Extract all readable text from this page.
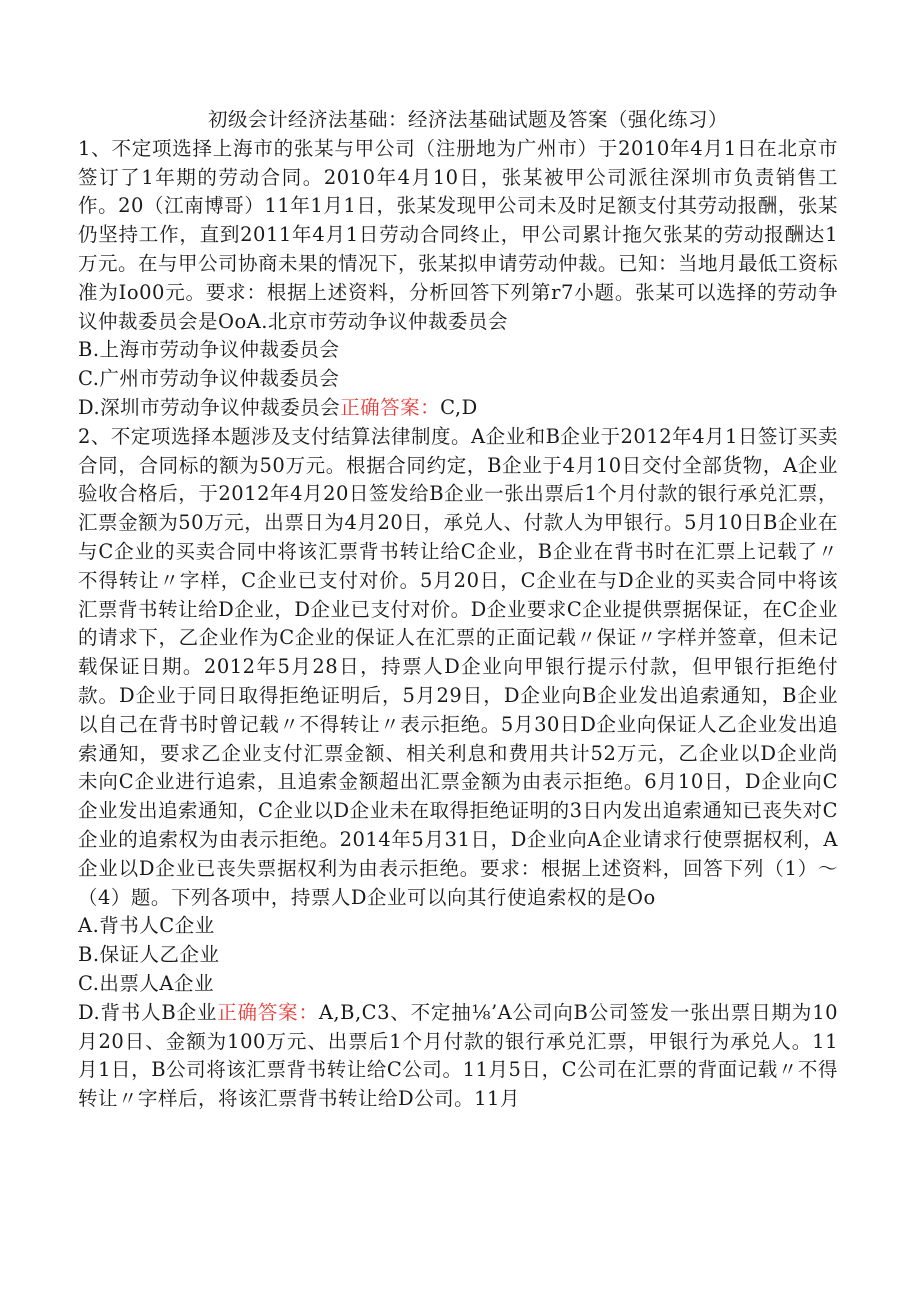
初级会计经济法基础：经济法基础试题及答案（强化练习）

1、不定项选择上海市的张某与甲公司（注册地为广州市）于2010年4月1日在北京市签订了1年期的劳动合同。2010年4月10日，张某被甲公司派往深圳市负责销售工作。20（江南博哥）11年1月1日，张某发现甲公司未及时足额支付其劳动报酬，张某仍坚持工作，直到2011年4月1日劳动合同终止，甲公司累计拖欠张某的劳动报酬达1万元。在与甲公司协商未果的情况下，张某拟申请劳动仲裁。已知：当地月最低工资标准为Io00元。要求：根据上述资料，分析回答下列第r7小题。张某可以选择的劳动争议仲裁委员会是OoA.北京市劳动争议仲裁委员会

B.上海市劳动争议仲裁委员会

C.广州市劳动争议仲裁委员会

D.深圳市劳动争议仲裁委员会正确答案：C,D

2、不定项选择本题涉及支付结算法律制度。A企业和B企业于2012年4月1日签订买卖合同，合同标的额为50万元。根据合同约定，B企业于4月10日交付全部货物，A企业验收合格后，于2012年4月20日签发给B企业一张出票后1个月付款的银行承兑汇票，汇票金额为50万元，出票日为4月20日，承兑人、付款人为甲银行。5月10日B企业在与C企业的买卖合同中将该汇票背书转让给C企业，B企业在背书时在汇票上记载了〃不得转让〃字样，C企业已支付对价。5月20日，C企业在与D企业的买卖合同中将该汇票背书转让给D企业，D企业已支付对价。D企业要求C企业提供票据保证，在C企业的请求下，乙企业作为C企业的保证人在汇票的正面记载〃保证〃字样并签章，但未记载保证日期。2012年5月28日，持票人D企业向甲银行提示付款，但甲银行拒绝付款。D企业于同日取得拒绝证明后，5月29日，D企业向B企业发出追索通知，B企业以自己在背书时曾记载〃不得转让〃表示拒绝。5月30日D企业向保证人乙企业发出追索通知，要求乙企业支付汇票金额、相关利息和费用共计52万元，乙企业以D企业尚未向C企业进行追索，且追索金额超出汇票金额为由表示拒绝。6月10日，D企业向C企业发出追索通知，C企业以D企业未在取得拒绝证明的3日内发出追索通知已丧失对C企业的追索权为由表示拒绝。2014年5月31日，D企业向A企业请求行使票据权利，A企业以D企业已丧失票据权利为由表示拒绝。要求：根据上述资料，回答下列（1）～（4）题。下列各项中，持票人D企业可以向其行使追索权的是Oo

A.背书人C企业

B.保证人乙企业

C.出票人A企业

D.背书人B企业正确答案：A,B,C3、不定抽⅛’A公司向B公司签发一张出票日期为10月20日、金额为100万元、出票后1个月付款的银行承兑汇票，甲银行为承兑人。11月1日，B公司将该汇票背书转让给C公司。11月5日，C公司在汇票的背面记载〃不得转让〃字样后，将该汇票背书转让给D公司。11月
